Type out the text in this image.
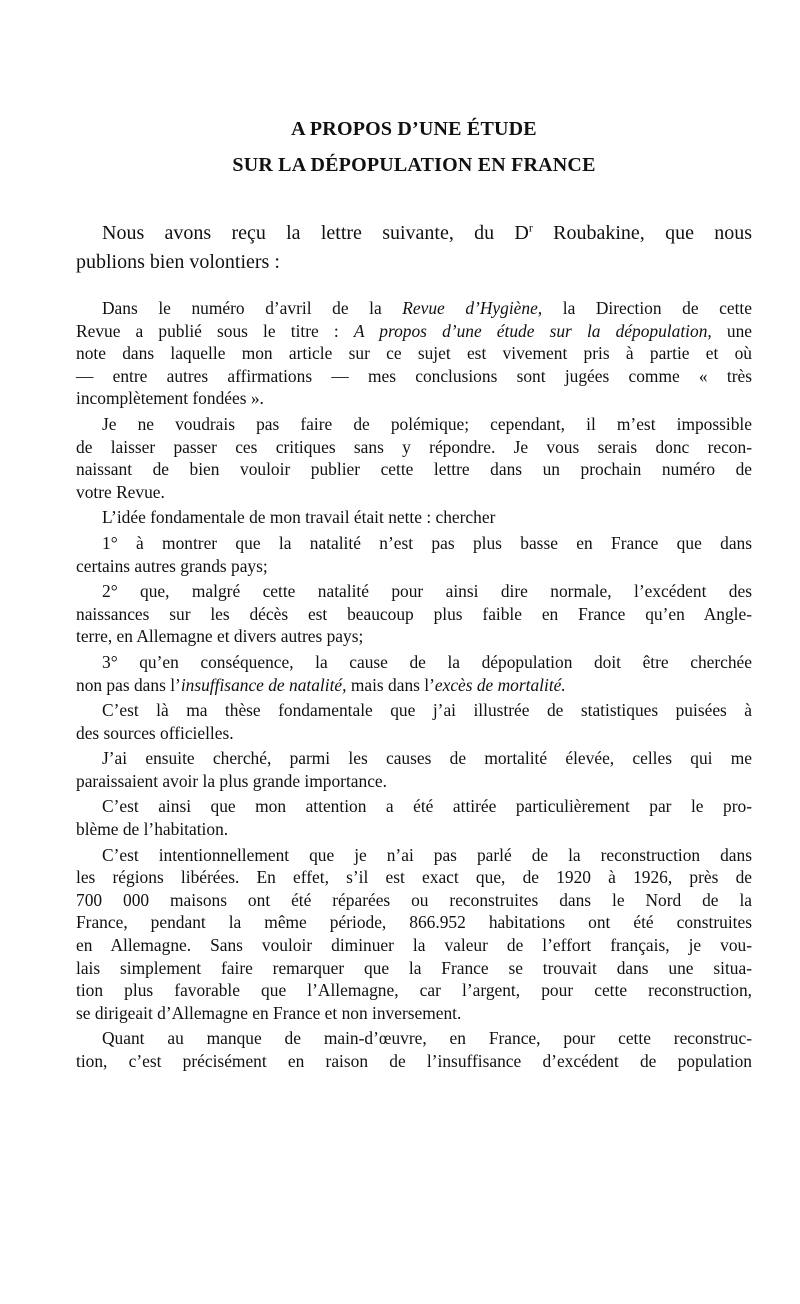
A PROPOS D’UNE ÉTUDE
SUR LA DÉPOPULATION EN FRANCE
Nous avons reçu la lettre suivante, du $D^r$ Roubakine, que nous
publions bien volontiers :
Dans le numéro d’avril de la Revue d’Hygiène, la Direction de cette
Revue a publié sous le titre : A propos d’une étude sur la dépopulation, une
note dans laquelle mon article sur ce sujet est vivement pris à partie et où
— entre autres affirmations — mes conclusions sont jugées comme « très
incomplètement fondées ».
Je ne voudrais pas faire de polémique; cependant, il m’est impossible
de laisser passer ces critiques sans y répondre. Je vous serais donc recon-
naissant de bien vouloir publier cette lettre dans un prochain numéro de
votre Revue.
L’idée fondamentale de mon travail était nette : chercher
1° à montrer que la natalité n’est pas plus basse en France que dans
certains autres grands pays;
2° que, malgré cette natalité pour ainsi dire normale, l’excédent des
naissances sur les décès est beaucoup plus faible en France qu’en Angle-
terre, en Allemagne et divers autres pays;
3° qu’en conséquence, la cause de la dépopulation doit être cherchée
non pas dans l’insuffisance de natalité, mais dans l’excès de mortalité.
C’est là ma thèse fondamentale que j’ai illustrée de statistiques puisées à
des sources officielles.
J’ai ensuite cherché, parmi les causes de mortalité élevée, celles qui me
paraissaient avoir la plus grande importance.
C’est ainsi que mon attention a été attirée particulièrement par le pro-
blème de l’habitation.
C’est intentionnellement que je n’ai pas parlé de la reconstruction dans
les régions libérées. En effet, s’il est exact que, de 1920 à 1926, près de
700 000 maisons ont été réparées ou reconstruites dans le Nord de la
France, pendant la même période, 866.952 habitations ont été construites
en Allemagne. Sans vouloir diminuer la valeur de l’effort français, je vou-
lais simplement faire remarquer que la France se trouvait dans une situa-
tion plus favorable que l’Allemagne, car l’argent, pour cette reconstruction,
se dirigeait d’Allemagne en France et non inversement.
Quant au manque de main-d’œuvre, en France, pour cette reconstruc-
tion, c’est précisément en raison de l’insuffisance d’excédent de population
